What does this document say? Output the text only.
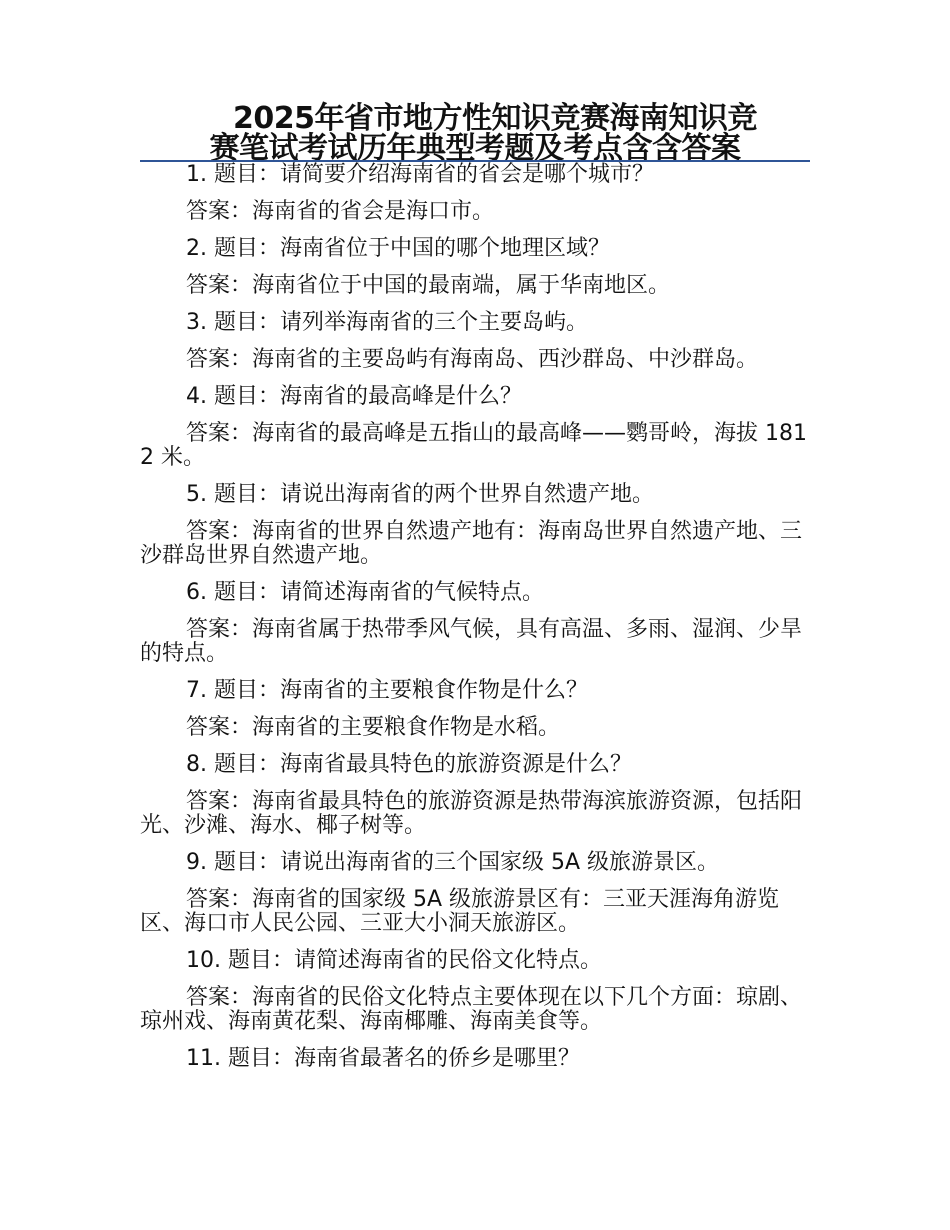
2025年省市地方性知识竞赛海南知识竞
赛笔试考试历年典型考题及考点含含答案
1. 题目：请简要介绍海南省的省会是哪个城市？
答案：海南省的省会是海口市。
2. 题目：海南省位于中国的哪个地理区域？
答案：海南省位于中国的最南端，属于华南地区。
3. 题目：请列举海南省的三个主要岛屿。
答案：海南省的主要岛屿有海南岛、西沙群岛、中沙群岛。
4. 题目：海南省的最高峰是什么？
答案：海南省的最高峰是五指山的最高峰——鹦哥岭，海拔 1812 米。
5. 题目：请说出海南省的两个世界自然遗产地。
答案：海南省的世界自然遗产地有：海南岛世界自然遗产地、三沙群岛世界自然遗产地。
6. 题目：请简述海南省的气候特点。
答案：海南省属于热带季风气候，具有高温、多雨、湿润、少旱的特点。
7. 题目：海南省的主要粮食作物是什么？
答案：海南省的主要粮食作物是水稻。
8. 题目：海南省最具特色的旅游资源是什么？
答案：海南省最具特色的旅游资源是热带海滨旅游资源，包括阳光、沙滩、海水、椰子树等。
9. 题目：请说出海南省的三个国家级 5A 级旅游景区。
答案：海南省的国家级 5A 级旅游景区有：三亚天涯海角游览区、海口市人民公园、三亚大小洞天旅游区。
10. 题目：请简述海南省的民俗文化特点。
答案：海南省的民俗文化特点主要体现在以下几个方面：琼剧、琼州戏、海南黄花梨、海南椰雕、海南美食等。
11. 题目：海南省最著名的侨乡是哪里？
